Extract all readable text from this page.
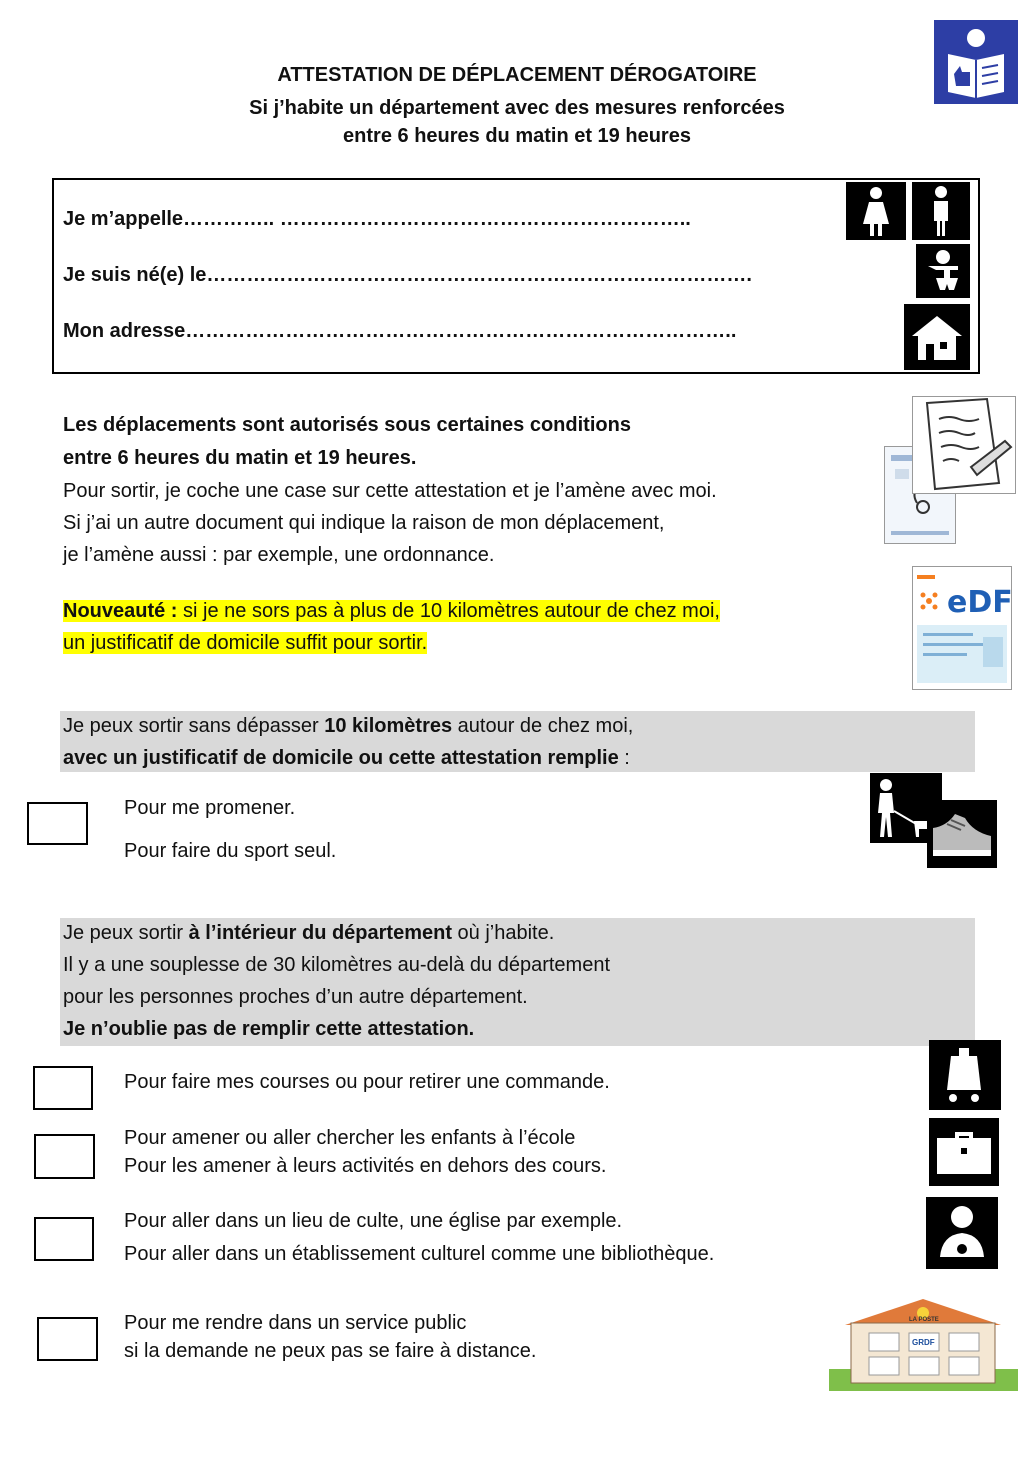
ATTESTATION DE DÉPLACEMENT DÉROGATOIRE
Si j’habite un département avec des mesures renforcées
entre 6 heures du matin et 19 heures
Je m’appelle………….. ……………………………………………………..
Je suis né(e) le……………………………………………………………………….
Mon adresse………………………………………………………………………..
Les déplacements sont autorisés sous certaines conditions
entre 6 heures du matin et 19 heures.
Pour sortir, je coche une case sur cette attestation et je l’amène avec moi.
Si j’ai un autre document qui indique la raison de mon déplacement,
je l’amène aussi : par exemple, une ordonnance.
Nouveauté : si je ne sors pas à plus de 10 kilomètres autour de chez moi,
un justificatif de domicile suffit pour sortir.
eDF
Je peux sortir sans dépasser 10 kilomètres autour de chez moi,
avec un justificatif de domicile ou cette attestation remplie :
Pour me promener.
Pour faire du sport seul.
Je peux sortir à l’intérieur du département où j’habite.
Il y a une souplesse de 30 kilomètres au-delà du département
pour les personnes proches d’un autre département.
Je n’oublie pas de remplir cette attestation.
Pour faire mes courses ou pour retirer une commande.
Pour amener ou aller chercher les enfants à l’école
Pour les amener à leurs activités en dehors des cours.
Pour aller dans un lieu de culte, une église par exemple.
Pour aller dans un établissement culturel comme une bibliothèque.
Pour me rendre dans un service public
si la demande ne peux pas se faire à distance.
LA POSTE
GRDF
